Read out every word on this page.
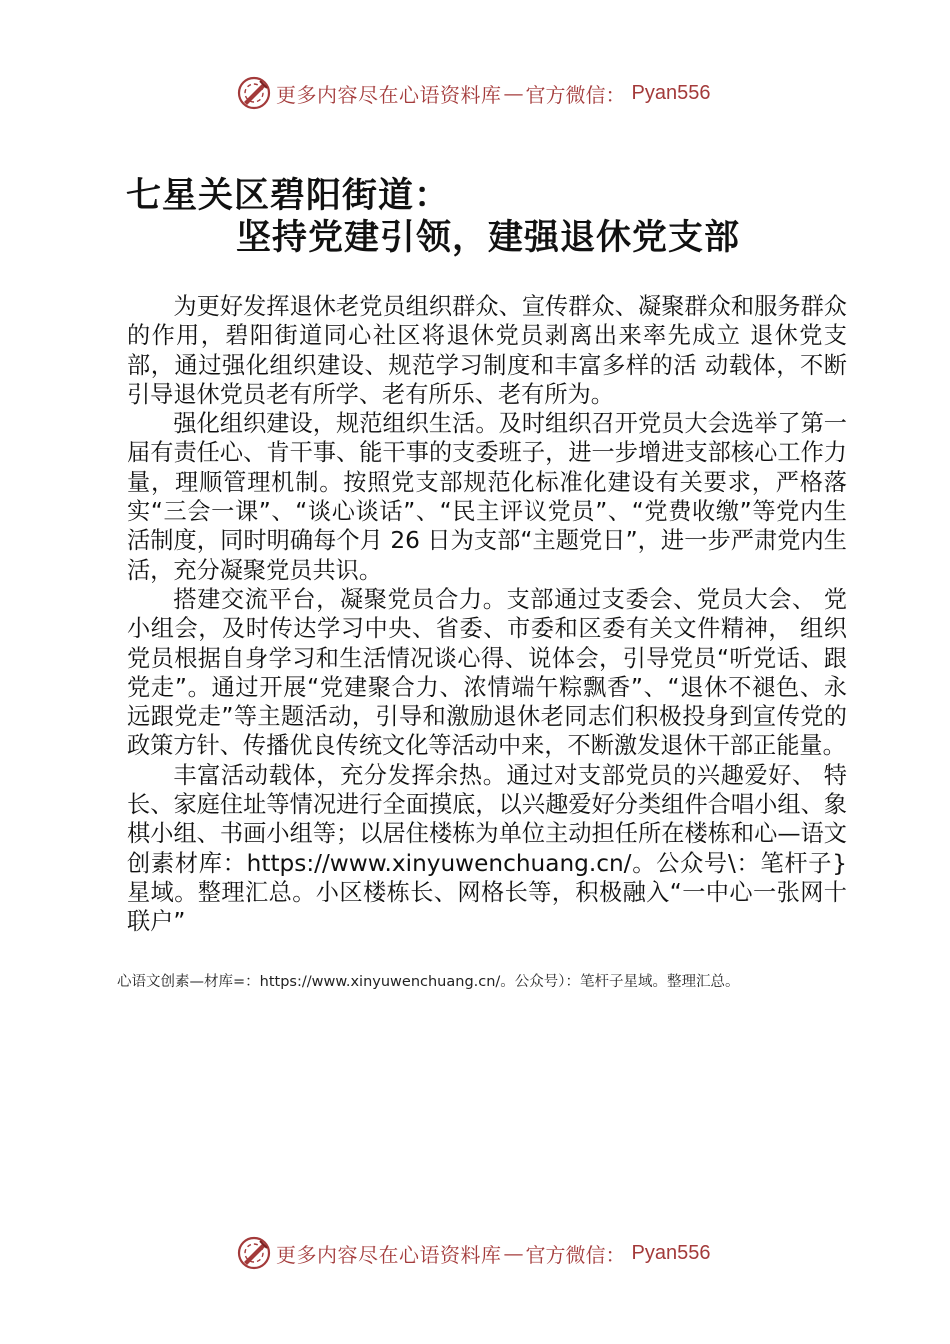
更多内容尽在心语资料库 — 官方微信： Pyan556
七星关区碧阳街道：
坚持党建引领，建强退休党支部

为更好发挥退休老党员组织群众、宣传群众、凝聚群众和服务群众的作用，碧阳街道同心社区将退休党员剥离出来率先成立 退休党支部，通过强化组织建设、规范学习制度和丰富多样的活 动载体，不断引导退休党员老有所学、老有所乐、老有所为。

强化组织建设，规范组织生活。及时组织召开党员大会选举了第一届有责任心、肯干事、能干事的支委班子，进一步增进支部核心工作力量，理顺管理机制。按照党支部规范化标准化建设有关要求，严格落实“三会一课”、“谈心谈话”、“民主评议党员”、“党费收缴”等党内生活制度，同时明确每个月 26 日为支部“主题党日”，进一步严肃党内生活，充分凝聚党员共识。

搭建交流平台，凝聚党员合力。支部通过支委会、党员大会、 党小组会，及时传达学习中央、省委、市委和区委有关文件精神， 组织党员根据自身学习和生活情况谈心得、说体会，引导党员“听党话、跟党走”。通过开展“党建聚合力、浓情端午粽飘香”、“退休不褪色、永远跟党走”等主题活动，引导和激励退休老同志们积极投身到宣传党的政策方针、传播优良传统文化等活动中来，不断激发退休干部正能量。

丰富活动载体，充分发挥余热。通过对支部党员的兴趣爱好、 特长、家庭住址等情况进行全面摸底，以兴趣爱好分类组件合唱小组、象棋小组、书画小组等；以居住楼栋为单位主动担任所在楼栋和心—语文创素材库：https://www.xinyuwenchuang.cn/。公众号\：笔杆子}星域。整理汇总。小区楼栋长、网格长等，积极融入“一中心一张网十联户”

心语文创素—材库=：https://www.xinyuwenchuang.cn/。公众号）：笔杆子星域。整理汇总。
更多内容尽在心语资料库 — 官方微信： Pyan556
